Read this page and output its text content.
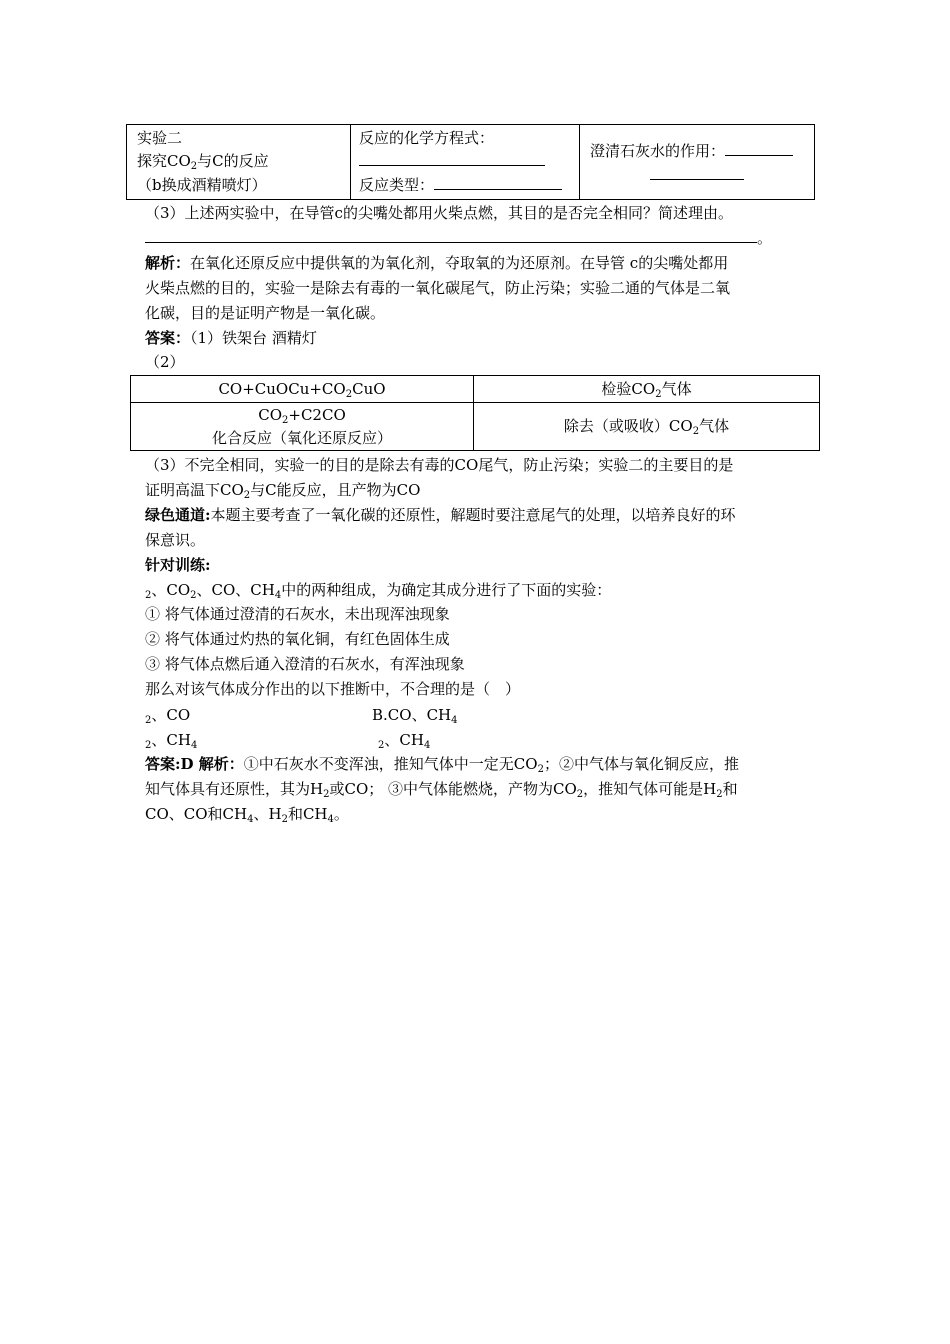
实验二
探究$CO_2$与C的反应
（b换成酒精喷灯）
反应的化学方程式：
反应类型：
澄清石灰水的作用：
（3）上述两实验中，在导管c的尖嘴处都用火柴点燃，其目的是否完全相同？简述理由。
。
解析：在氧化还原反应中提供氧的为氧化剂，夺取氧的为还原剂。在导管 c的尖嘴处都用
火柴点燃的目的，实验一是除去有毒的一氧化碳尾气，防止污染；实验二通的气体是二氧
化碳，目的是证明产物是一氧化碳。
答案：（1）铁架台 酒精灯
（2）
$CO+CuOCu+CO_2CuO$
$CO_2+C2CO$
化合反应（氧化还原反应）
检验$CO_2$气体
除去（或吸收）$CO_2$气体
（3）不完全相同，实验一的目的是除去有毒的CO尾气，防止污染；实验二的主要目的是
证明高温下$CO_2$与C能反应，且产物为CO
绿色通道:本题主要考查了一氧化碳的还原性，解题时要注意尾气的处理，以培养良好的环
保意识。
针对训练:
$_2$、$CO_2$、CO、$CH_4$中的两种组成，为确定其成分进行了下面的实验：
① 将气体通过澄清的石灰水，未出现浑浊现象
② 将气体通过灼热的氧化铜，有红色固体生成
③ 将气体点燃后通入澄清的石灰水，有浑浊现象
那么对该气体成分作出的以下推断中，不合理的是（　）
$_2$、CO	B.CO、$CH_4$
$_2$、$CH_4$	$_2$、$CH_4$
答案:D 解析：①中石灰水不变浑浊，推知气体中一定无$CO_2$；②中气体与氧化铜反应，推
知气体具有还原性，其为$H_2$或CO； ③中气体能燃烧，产物为$CO_2$，推知气体可能是$H_2$和
CO、CO和$CH_4$、$H_2$和$CH_4$。
